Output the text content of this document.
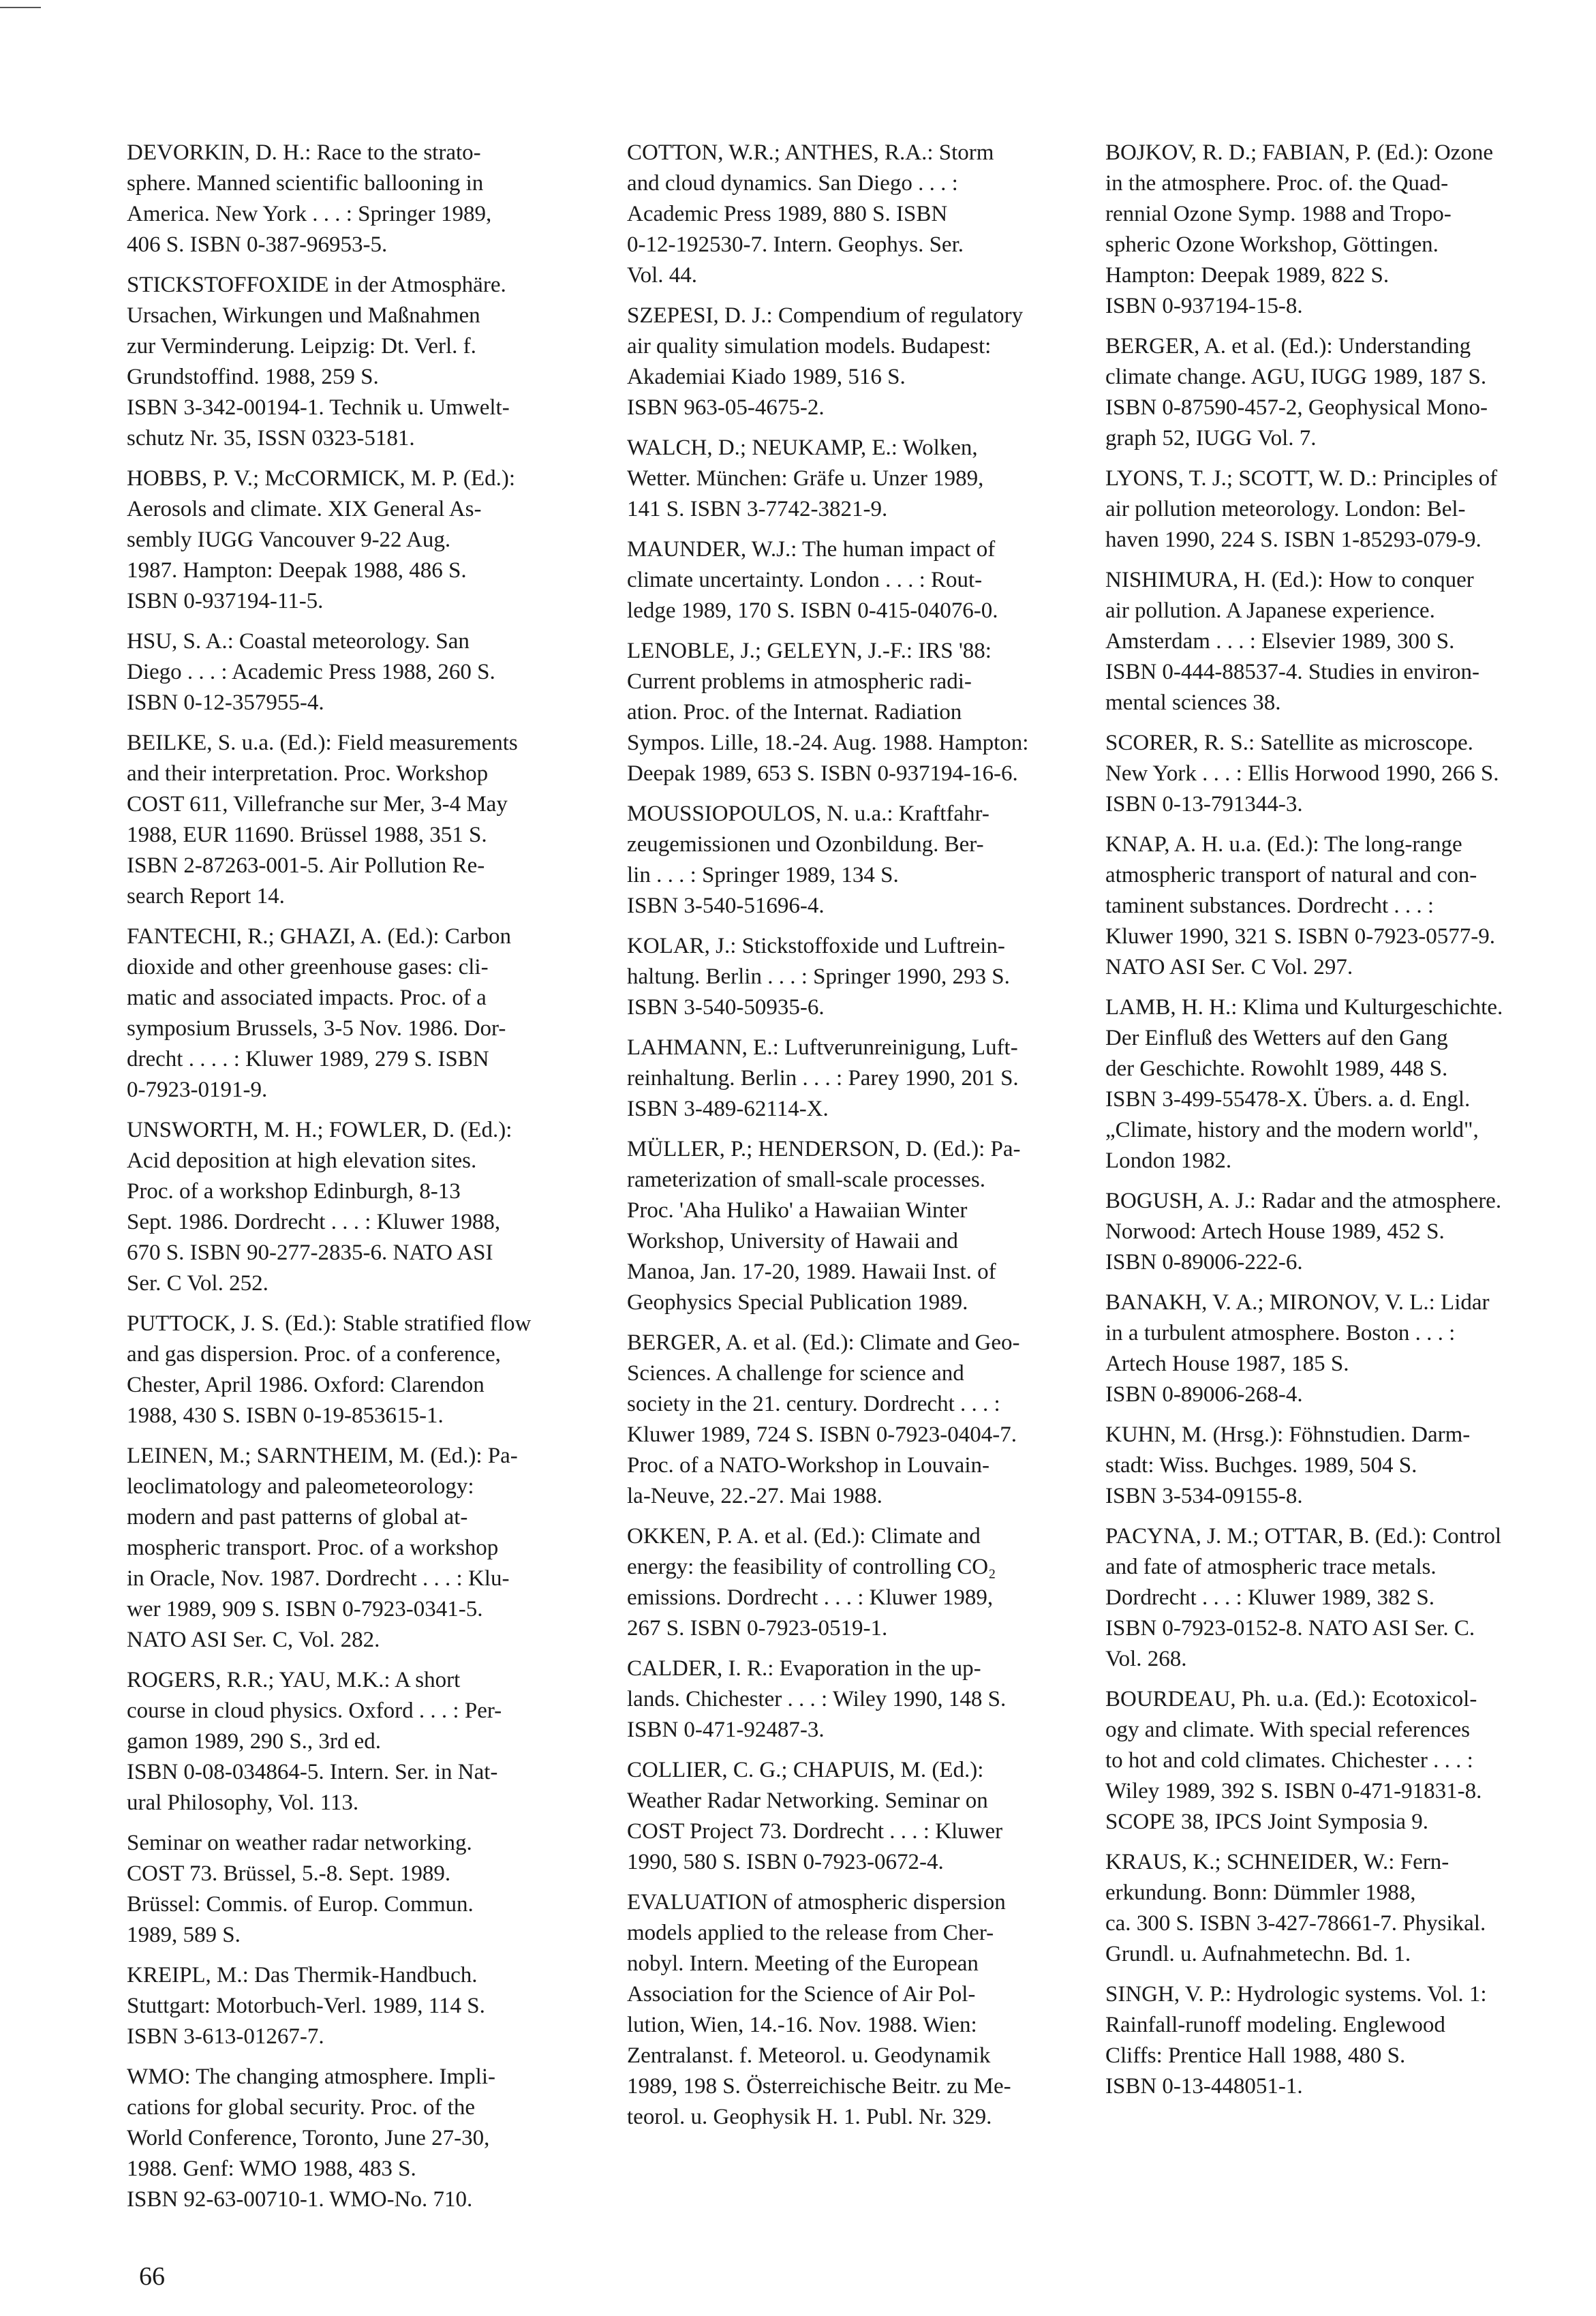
DEVORKIN, D. H.: Race to the strato-
sphere. Manned scientific ballooning in
America. New York . . . : Springer 1989,
406 S. ISBN 0-387-96953-5.
STICKSTOFFOXIDE in der Atmosphäre.
Ursachen, Wirkungen und Maßnahmen
zur Verminderung. Leipzig: Dt. Verl. f.
Grundstoffind. 1988, 259 S.
ISBN 3-342-00194-1. Technik u. Umwelt-
schutz Nr. 35, ISSN 0323-5181.
HOBBS, P. V.; McCORMICK, M. P. (Ed.):
Aerosols and climate. XIX General As-
sembly IUGG Vancouver 9-22 Aug.
1987. Hampton: Deepak 1988, 486 S.
ISBN 0-937194-11-5.
HSU, S. A.: Coastal meteorology. San
Diego . . . : Academic Press 1988, 260 S.
ISBN 0-12-357955-4.
BEILKE, S. u.a. (Ed.): Field measurements
and their interpretation. Proc. Workshop
COST 611, Villefranche sur Mer, 3-4 May
1988, EUR 11690. Brüssel 1988, 351 S.
ISBN 2-87263-001-5. Air Pollution Re-
search Report 14.
FANTECHI, R.; GHAZI, A. (Ed.): Carbon
dioxide and other greenhouse gases: cli-
matic and associated impacts. Proc. of a
symposium Brussels, 3-5 Nov. 1986. Dor-
drecht . . . . : Kluwer 1989, 279 S. ISBN
0-7923-0191-9.
UNSWORTH, M. H.; FOWLER, D. (Ed.):
Acid deposition at high elevation sites.
Proc. of a workshop Edinburgh, 8-13
Sept. 1986. Dordrecht . . . : Kluwer 1988,
670 S. ISBN 90-277-2835-6. NATO ASI
Ser. C Vol. 252.
PUTTOCK, J. S. (Ed.): Stable stratified flow
and gas dispersion. Proc. of a conference,
Chester, April 1986. Oxford: Clarendon
1988, 430 S. ISBN 0-19-853615-1.
LEINEN, M.; SARNTHEIM, M. (Ed.): Pa-
leoclimatology and paleometeorology:
modern and past patterns of global at-
mospheric transport. Proc. of a workshop
in Oracle, Nov. 1987. Dordrecht . . . : Klu-
wer 1989, 909 S. ISBN 0-7923-0341-5.
NATO ASI Ser. C, Vol. 282.
ROGERS, R.R.; YAU, M.K.: A short
course in cloud physics. Oxford . . . : Per-
gamon 1989, 290 S., 3rd ed.
ISBN 0-08-034864-5. Intern. Ser. in Nat-
ural Philosophy, Vol. 113.
Seminar on weather radar networking.
COST 73. Brüssel, 5.-8. Sept. 1989.
Brüssel: Commis. of Europ. Commun.
1989, 589 S.
KREIPL, M.: Das Thermik-Handbuch.
Stuttgart: Motorbuch-Verl. 1989, 114 S.
ISBN 3-613-01267-7.
WMO: The changing atmosphere. Impli-
cations for global security. Proc. of the
World Conference, Toronto, June 27-30,
1988. Genf: WMO 1988, 483 S.
ISBN 92-63-00710-1. WMO-No. 710.
COTTON, W.R.; ANTHES, R.A.: Storm
and cloud dynamics. San Diego . . . :
Academic Press 1989, 880 S. ISBN
0-12-192530-7. Intern. Geophys. Ser.
Vol. 44.
SZEPESI, D. J.: Compendium of regulatory
air quality simulation models. Budapest:
Akademiai Kiado 1989, 516 S.
ISBN 963-05-4675-2.
WALCH, D.; NEUKAMP, E.: Wolken,
Wetter. München: Gräfe u. Unzer 1989,
141 S. ISBN 3-7742-3821-9.
MAUNDER, W.J.: The human impact of
climate uncertainty. London . . . : Rout-
ledge 1989, 170 S. ISBN 0-415-04076-0.
LENOBLE, J.; GELEYN, J.-F.: IRS '88:
Current problems in atmospheric radi-
ation. Proc. of the Internat. Radiation
Sympos. Lille, 18.-24. Aug. 1988. Hampton:
Deepak 1989, 653 S. ISBN 0-937194-16-6.
MOUSSIOPOULOS, N. u.a.: Kraftfahr-
zeugemissionen und Ozonbildung. Ber-
lin . . . : Springer 1989, 134 S.
ISBN 3-540-51696-4.
KOLAR, J.: Stickstoffoxide und Luftrein-
haltung. Berlin . . . : Springer 1990, 293 S.
ISBN 3-540-50935-6.
LAHMANN, E.: Luftverunreinigung, Luft-
reinhaltung. Berlin . . . : Parey 1990, 201 S.
ISBN 3-489-62114-X.
MÜLLER, P.; HENDERSON, D. (Ed.): Pa-
rameterization of small-scale processes.
Proc. 'Aha Huliko' a Hawaiian Winter
Workshop, University of Hawaii and
Manoa, Jan. 17-20, 1989. Hawaii Inst. of
Geophysics Special Publication 1989.
BERGER, A. et al. (Ed.): Climate and Geo-
Sciences. A challenge for science and
society in the 21. century. Dordrecht . . . :
Kluwer 1989, 724 S. ISBN 0-7923-0404-7.
Proc. of a NATO-Workshop in Louvain-
la-Neuve, 22.-27. Mai 1988.
OKKEN, P. A. et al. (Ed.): Climate and
energy: the feasibility of controlling CO₂
emissions. Dordrecht . . . : Kluwer 1989,
267 S. ISBN 0-7923-0519-1.
CALDER, I. R.: Evaporation in the up-
lands. Chichester . . . : Wiley 1990, 148 S.
ISBN 0-471-92487-3.
COLLIER, C. G.; CHAPUIS, M. (Ed.):
Weather Radar Networking. Seminar on
COST Project 73. Dordrecht . . . : Kluwer
1990, 580 S. ISBN 0-7923-0672-4.
EVALUATION of atmospheric dispersion
models applied to the release from Cher-
nobyl. Intern. Meeting of the European
Association for the Science of Air Pol-
lution, Wien, 14.-16. Nov. 1988. Wien:
Zentralanst. f. Meteorol. u. Geodynamik
1989, 198 S. Österreichische Beitr. zu Me-
teorol. u. Geophysik H. 1. Publ. Nr. 329.
BOJKOV, R. D.; FABIAN, P. (Ed.): Ozone
in the atmosphere. Proc. of. the Quad-
rennial Ozone Symp. 1988 and Tropo-
spheric Ozone Workshop, Göttingen.
Hampton: Deepak 1989, 822 S.
ISBN 0-937194-15-8.
BERGER, A. et al. (Ed.): Understanding
climate change. AGU, IUGG 1989, 187 S.
ISBN 0-87590-457-2, Geophysical Mono-
graph 52, IUGG Vol. 7.
LYONS, T. J.; SCOTT, W. D.: Principles of
air pollution meteorology. London: Bel-
haven 1990, 224 S. ISBN 1-85293-079-9.
NISHIMURA, H. (Ed.): How to conquer
air pollution. A Japanese experience.
Amsterdam . . . : Elsevier 1989, 300 S.
ISBN 0-444-88537-4. Studies in environ-
mental sciences 38.
SCORER, R. S.: Satellite as microscope.
New York . . . : Ellis Horwood 1990, 266 S.
ISBN 0-13-791344-3.
KNAP, A. H. u.a. (Ed.): The long-range
atmospheric transport of natural and con-
taminent substances. Dordrecht . . . :
Kluwer 1990, 321 S. ISBN 0-7923-0577-9.
NATO ASI Ser. C Vol. 297.
LAMB, H. H.: Klima und Kulturgeschichte.
Der Einfluß des Wetters auf den Gang
der Geschichte. Rowohlt 1989, 448 S.
ISBN 3-499-55478-X. Übers. a. d. Engl.
„Climate, history and the modern world",
London 1982.
BOGUSH, A. J.: Radar and the atmosphere.
Norwood: Artech House 1989, 452 S.
ISBN 0-89006-222-6.
BANAKH, V. A.; MIRONOV, V. L.: Lidar
in a turbulent atmosphere. Boston . . . :
Artech House 1987, 185 S.
ISBN 0-89006-268-4.
KUHN, M. (Hrsg.): Föhnstudien. Darm-
stadt: Wiss. Buchges. 1989, 504 S.
ISBN 3-534-09155-8.
PACYNA, J. M.; OTTAR, B. (Ed.): Control
and fate of atmospheric trace metals.
Dordrecht . . . : Kluwer 1989, 382 S.
ISBN 0-7923-0152-8. NATO ASI Ser. C.
Vol. 268.
BOURDEAU, Ph. u.a. (Ed.): Ecotoxicol-
ogy and climate. With special references
to hot and cold climates. Chichester . . . :
Wiley 1989, 392 S. ISBN 0-471-91831-8.
SCOPE 38, IPCS Joint Symposia 9.
KRAUS, K.; SCHNEIDER, W.: Fern-
erkundung. Bonn: Dümmler 1988,
ca. 300 S. ISBN 3-427-78661-7. Physikal.
Grundl. u. Aufnahmetechn. Bd. 1.
SINGH, V. P.: Hydrologic systems. Vol. 1:
Rainfall-runoff modeling. Englewood
Cliffs: Prentice Hall 1988, 480 S.
ISBN 0-13-448051-1.
66
